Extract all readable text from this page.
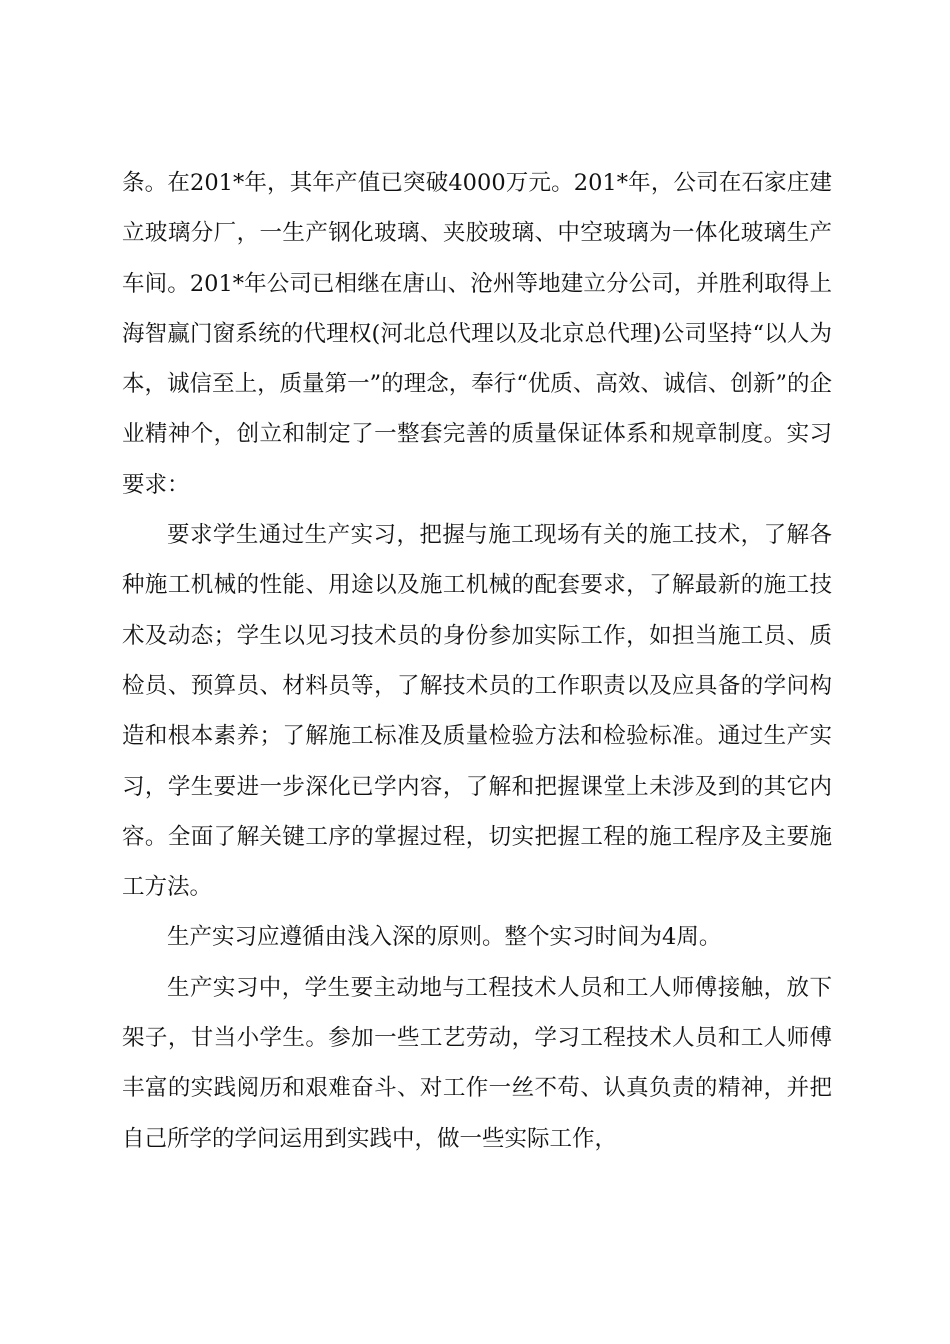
条。在201*年，其年产值已突破4000万元。201*年，公司在石家庄建立玻璃分厂，一生产钢化玻璃、夹胶玻璃、中空玻璃为一体化玻璃生产车间。201*年公司已相继在唐山、沧州等地建立分公司，并胜利取得上海智赢门窗系统的代理权(河北总代理以及北京总代理)公司坚持“以人为本，诚信至上，质量第一”的理念，奉行“优质、高效、诚信、创新”的企业精神个，创立和制定了一整套完善的质量保证体系和规章制度。实习要求：

要求学生通过生产实习，把握与施工现场有关的施工技术，了解各种施工机械的性能、用途以及施工机械的配套要求，了解最新的施工技术及动态；学生以见习技术员的身份参加实际工作，如担当施工员、质检员、预算员、材料员等，了解技术员的工作职责以及应具备的学问构造和根本素养；了解施工标准及质量检验方法和检验标准。通过生产实习，学生要进一步深化已学内容，了解和把握课堂上未涉及到的其它内容。全面了解关键工序的掌握过程，切实把握工程的施工程序及主要施工方法。

生产实习应遵循由浅入深的原则。整个实习时间为4周。

生产实习中，学生要主动地与工程技术人员和工人师傅接触，放下架子，甘当小学生。参加一些工艺劳动，学习工程技术人员和工人师傅丰富的实践阅历和艰难奋斗、对工作一丝不苟、认真负责的精神，并把自己所学的学问运用到实践中，做一些实际工作，
